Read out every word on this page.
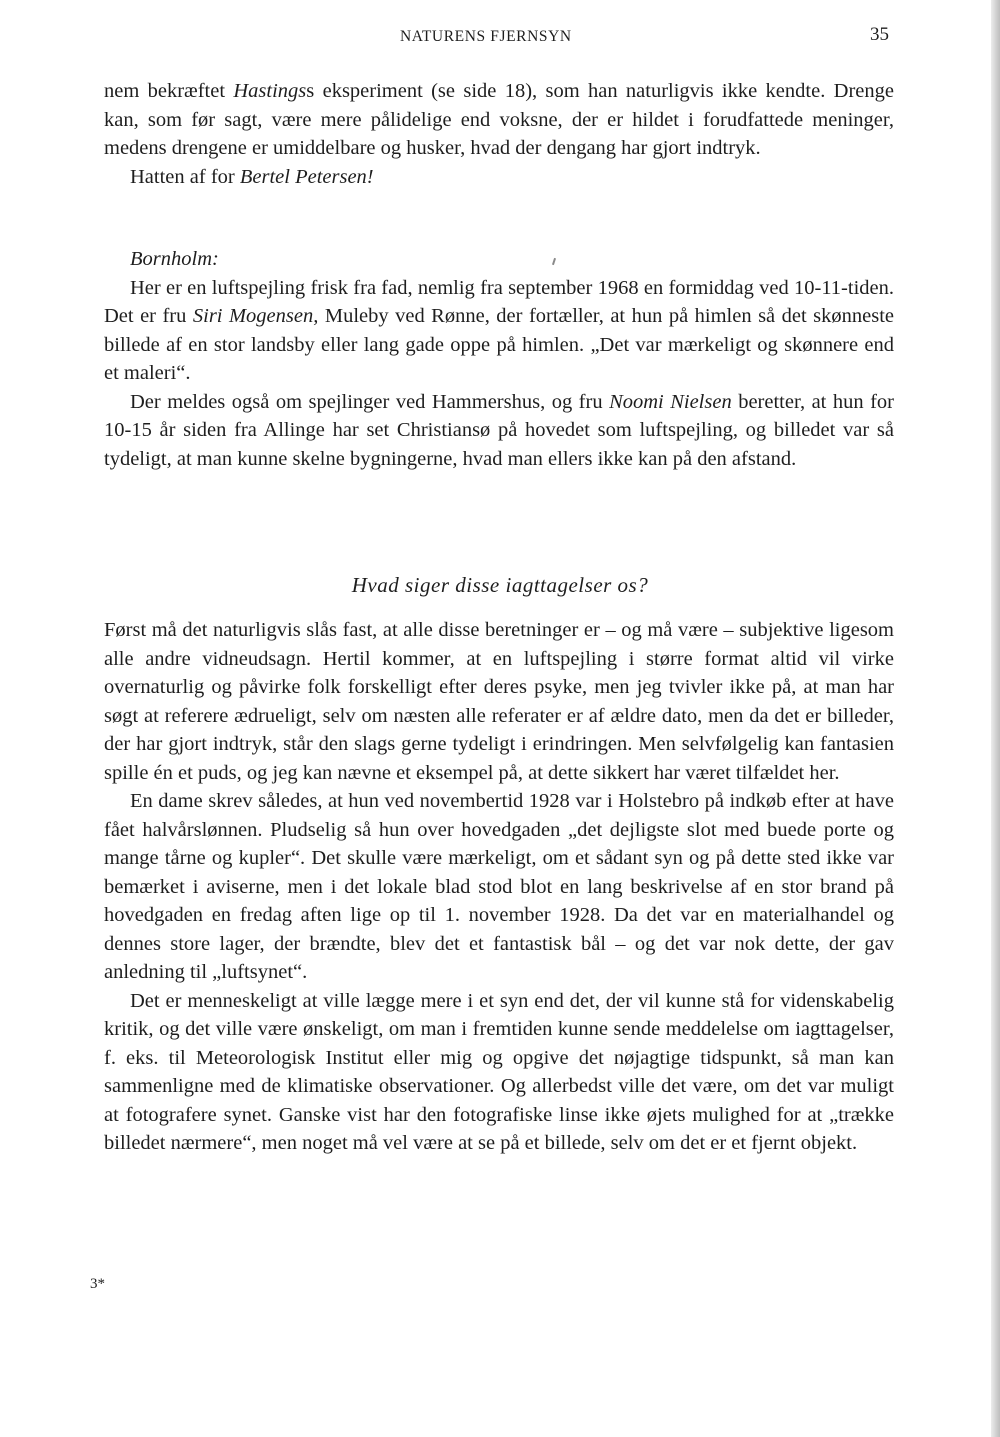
NATURENS FJERNSYN	35

nem bekræftet Hastingss eksperiment (se side 18), som han naturligvis ikke kendte. Drenge kan, som før sagt, være mere pålidelige end voksne, der er hildet i forudfattede meninger, medens drengene er umiddelbare og husker, hvad der dengang har gjort indtryk.

Hatten af for Bertel Petersen!

Bornholm:

Her er en luftspejling frisk fra fad, nemlig fra september 1968 en formiddag ved 10-11-tiden. Det er fru Siri Mogensen, Muleby ved Rønne, der fortæller, at hun på himlen så det skønneste billede af en stor landsby eller lang gade oppe på himlen. „Det var mærkeligt og skønnere end et maleri“.

Der meldes også om spejlinger ved Hammershus, og fru Noomi Nielsen beretter, at hun for 10-15 år siden fra Allinge har set Christiansø på hovedet som luftspejling, og billedet var så tydeligt, at man kunne skelne bygningerne, hvad man ellers ikke kan på den afstand.

Hvad siger disse iagttagelser os?

Først må det naturligvis slås fast, at alle disse beretninger er – og må være – subjektive ligesom alle andre vidneudsagn. Hertil kommer, at en luftspejling i større format altid vil virke overnaturlig og påvirke folk forskelligt efter deres psyke, men jeg tvivler ikke på, at man har søgt at referere ædrueligt, selv om næsten alle referater er af ældre dato, men da det er billeder, der har gjort indtryk, står den slags gerne tydeligt i erindringen. Men selvfølgelig kan fantasien spille én et puds, og jeg kan nævne et eksempel på, at dette sikkert har været tilfældet her.

En dame skrev således, at hun ved novembertid 1928 var i Holstebro på indkøb efter at have fået halvårslønnen. Pludselig så hun over hovedgaden „det dejligste slot med buede porte og mange tårne og kupler“. Det skulle være mærkeligt, om et sådant syn og på dette sted ikke var bemærket i aviserne, men i det lokale blad stod blot en lang beskrivelse af en stor brand på hovedgaden en fredag aften lige op til 1. november 1928. Da det var en materialhandel og dennes store lager, der brændte, blev det et fantastisk bål – og det var nok dette, der gav anledning til „luftsynet“.

Det er menneskeligt at ville lægge mere i et syn end det, der vil kunne stå for videnskabelig kritik, og det ville være ønskeligt, om man i fremtiden kunne sende meddelelse om iagttagelser, f. eks. til Meteorologisk Institut eller mig og opgive det nøjagtige tidspunkt, så man kan sammenligne med de klimatiske observationer. Og allerbedst ville det være, om det var muligt at fotografere synet. Ganske vist har den fotografiske linse ikke øjets mulighed for at „trække billedet nærmere“, men noget må vel være at se på et billede, selv om det er et fjernt objekt.

3*
